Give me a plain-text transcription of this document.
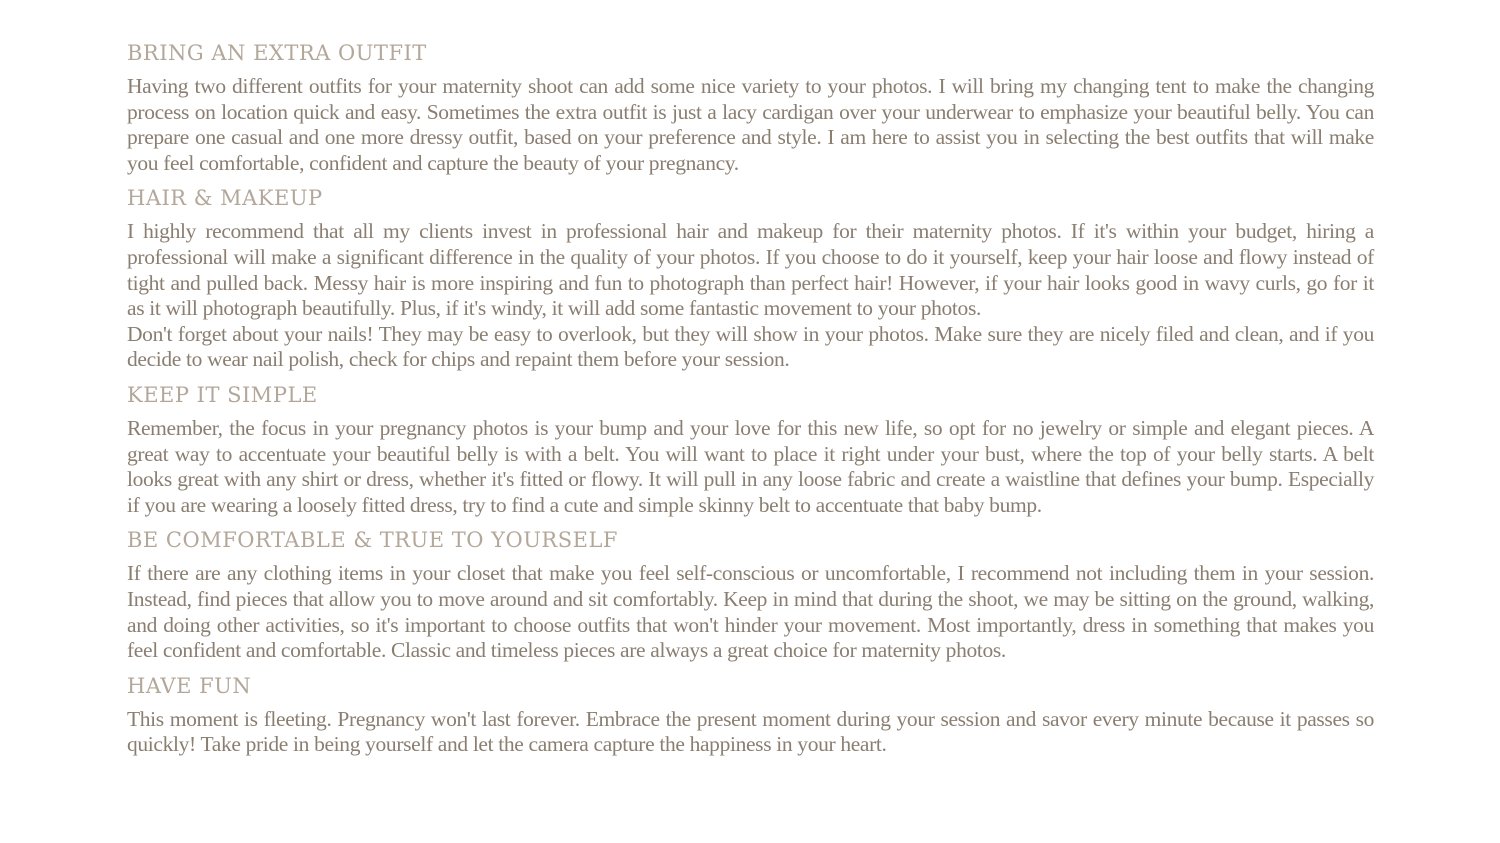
BRING AN EXTRA OUTFIT

Having two different outfits for your maternity shoot can add some nice variety to your photos. I will bring my changing tent to make the changing process on location quick and easy. Sometimes the extra outfit is just a lacy cardigan over your underwear to emphasize your beautiful belly. You can prepare one casual and one more dressy outfit, based on your preference and style. I am here to assist you in selecting the best outfits that will make you feel comfortable, confident and capture the beauty of your pregnancy.

HAIR & MAKEUP

I highly recommend that all my clients invest in professional hair and makeup for their maternity photos. If it's within your budget, hiring a professional will make a significant difference in the quality of your photos. If you choose to do it yourself, keep your hair loose and flowy instead of tight and pulled back. Messy hair is more inspiring and fun to photograph than perfect hair! However, if your hair looks good in wavy curls, go for it as it will photograph beautifully. Plus, if it's windy, it will add some fantastic movement to your photos.

Don't forget about your nails! They may be easy to overlook, but they will show in your photos. Make sure they are nicely filed and clean, and if you decide to wear nail polish, check for chips and repaint them before your session.

KEEP IT SIMPLE

Remember, the focus in your pregnancy photos is your bump and your love for this new life, so opt for no jewelry or simple and elegant pieces. A great way to accentuate your beautiful belly is with a belt. You will want to place it right under your bust, where the top of your belly starts. A belt looks great with any shirt or dress, whether it's fitted or flowy. It will pull in any loose fabric and create a waistline that defines your bump. Especially if you are wearing a loosely fitted dress, try to find a cute and simple skinny belt to accentuate that baby bump.

BE COMFORTABLE & TRUE TO YOURSELF

If there are any clothing items in your closet that make you feel self-conscious or uncomfortable, I recommend not including them in your session. Instead, find pieces that allow you to move around and sit comfortably. Keep in mind that during the shoot, we may be sitting on the ground, walking, and doing other activities, so it's important to choose outfits that won't hinder your movement. Most importantly, dress in something that makes you feel confident and comfortable. Classic and timeless pieces are always a great choice for maternity photos.

HAVE FUN

This moment is fleeting. Pregnancy won't last forever. Embrace the present moment during your session and savor every minute because it passes so quickly! Take pride in being yourself and let the camera capture the happiness in your heart.
